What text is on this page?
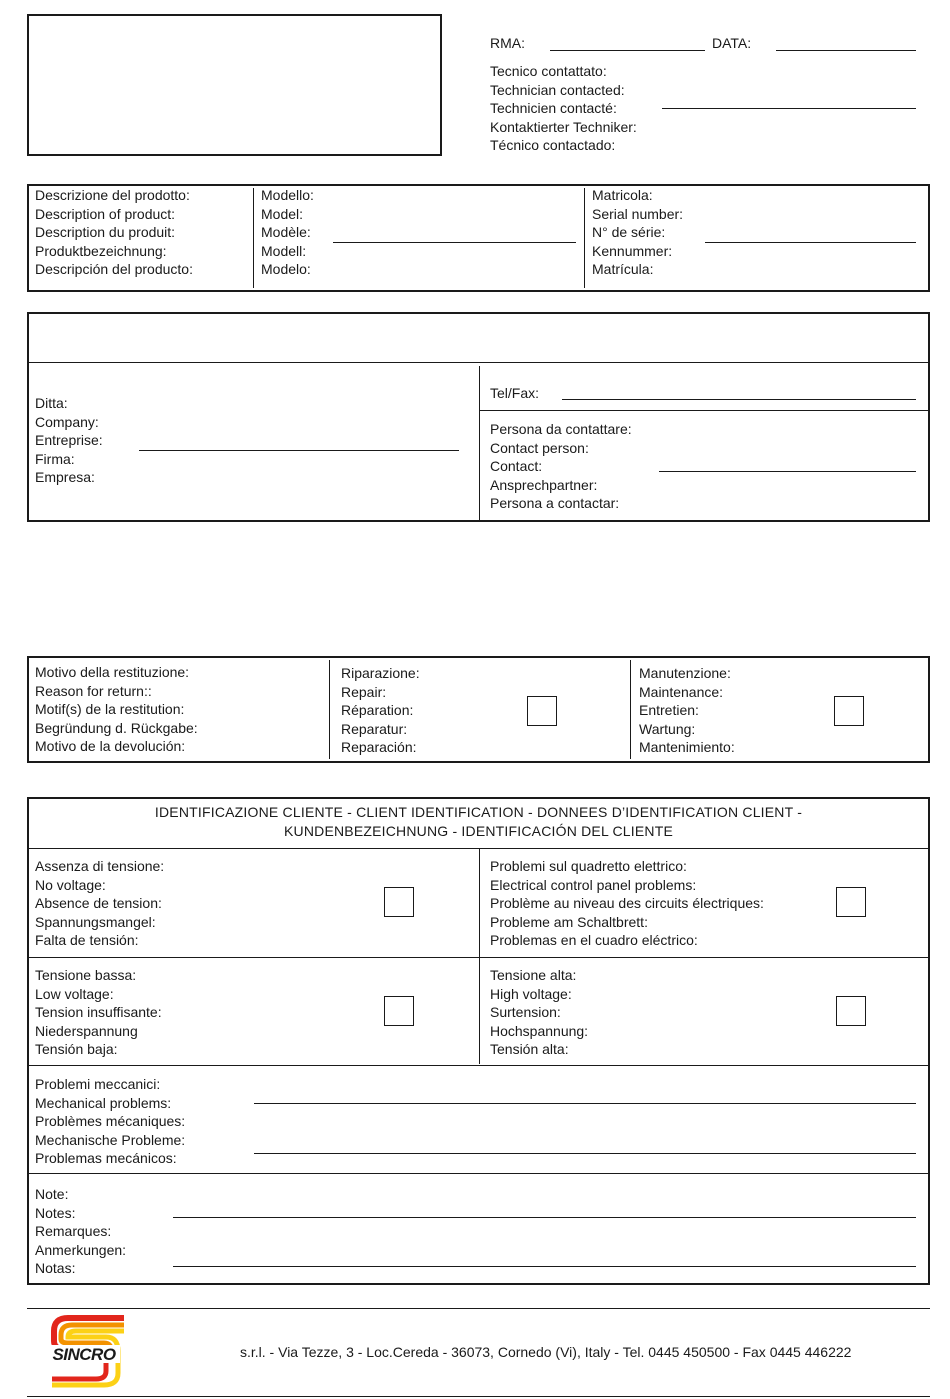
RMA:	DATA:
Tecnico contattato:
Technician contacted:
Technicien contacté:
Kontaktierter Techniker:
Técnico contactado:
Descrizione del prodotto:
Description of product:
Description du produit:
Produktbezeichnung:
Descripción del producto:
Modello:
Model:
Modèle:
Modell:
Modelo:
Matricola:
Serial number:
N° de série:
Kennummer:
Matrícula:
Ditta:
Company:
Entreprise:
Firma:
Empresa:
Tel/Fax:
Persona da contattare:
Contact person:
Contact:
Ansprechpartner:
Persona a contactar:
Motivo della restituzione:
Reason for return::
Motif(s) de la restitution:
Begründung d. Rückgabe:
Motivo de la devolución:
Riparazione:
Repair:
Réparation:
Reparatur:
Reparación:
Manutenzione:
Maintenance:
Entretien:
Wartung:
Mantenimiento:
IDENTIFICAZIONE CLIENTE - CLIENT IDENTIFICATION - DONNEES D’IDENTIFICATION CLIENT -
KUNDENBEZEICHNUNG - IDENTIFICACIÓN DEL CLIENTE
Assenza di tensione:
No voltage:
Absence de tension:
Spannungsmangel:
Falta de tensión:
Problemi sul quadretto elettrico:
Electrical control panel problems:
Problème au niveau des circuits électriques:
Probleme am Schaltbrett:
Problemas en el cuadro eléctrico:
Tensione bassa:
Low voltage:
Tension insuffisante:
Niederspannung
Tensión baja:
Tensione alta:
High voltage:
Surtension:
Hochspannung:
Tensión alta:
Problemi meccanici:
Mechanical problems:
Problèmes mécaniques:
Mechanische Probleme:
Problemas mecánicos:
Note:
Notes:
Remarques:
Anmerkungen:
Notas:
SINCRO	s.r.l. - Via Tezze, 3 - Loc.Cereda - 36073, Cornedo (Vi), Italy - Tel. 0445 450500 - Fax 0445 446222
